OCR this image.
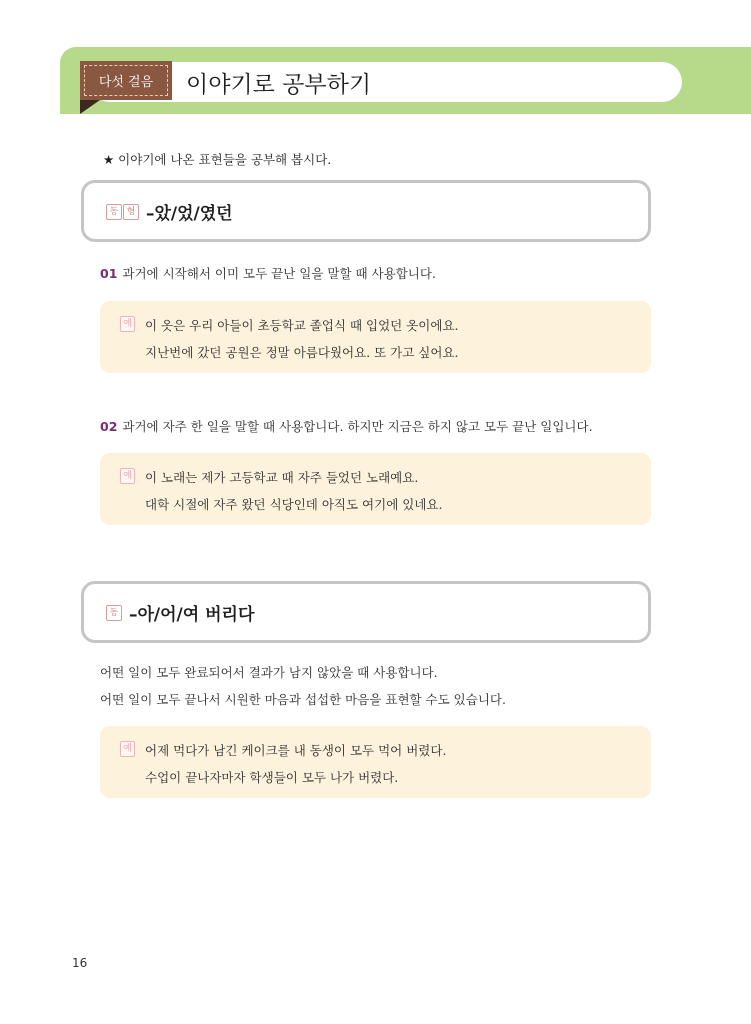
다섯 걸음	이야기로 공부하기
★ 이야기에 나온 표현들을 공부해 봅시다.
동 형 –았/었/였던
01 과거에 시작해서 이미 모두 끝난 일을 말할 때 사용합니다.
예 이 옷은 우리 아들이 초등학교 졸업식 때 입었던 옷이에요.
지난번에 갔던 공원은 정말 아름다웠어요. 또 가고 싶어요.
02 과거에 자주 한 일을 말할 때 사용합니다. 하지만 지금은 하지 않고 모두 끝난 일입니다.
예 이 노래는 제가 고등학교 때 자주 들었던 노래예요.
대학 시절에 자주 왔던 식당인데 아직도 여기에 있네요.
동 –아/어/여 버리다
어떤 일이 모두 완료되어서 결과가 남지 않았을 때 사용합니다.
어떤 일이 모두 끝나서 시원한 마음과 섭섭한 마음을 표현할 수도 있습니다.
예 어제 먹다가 남긴 케이크를 내 동생이 모두 먹어 버렸다.
수업이 끝나자마자 학생들이 모두 나가 버렸다.
16
